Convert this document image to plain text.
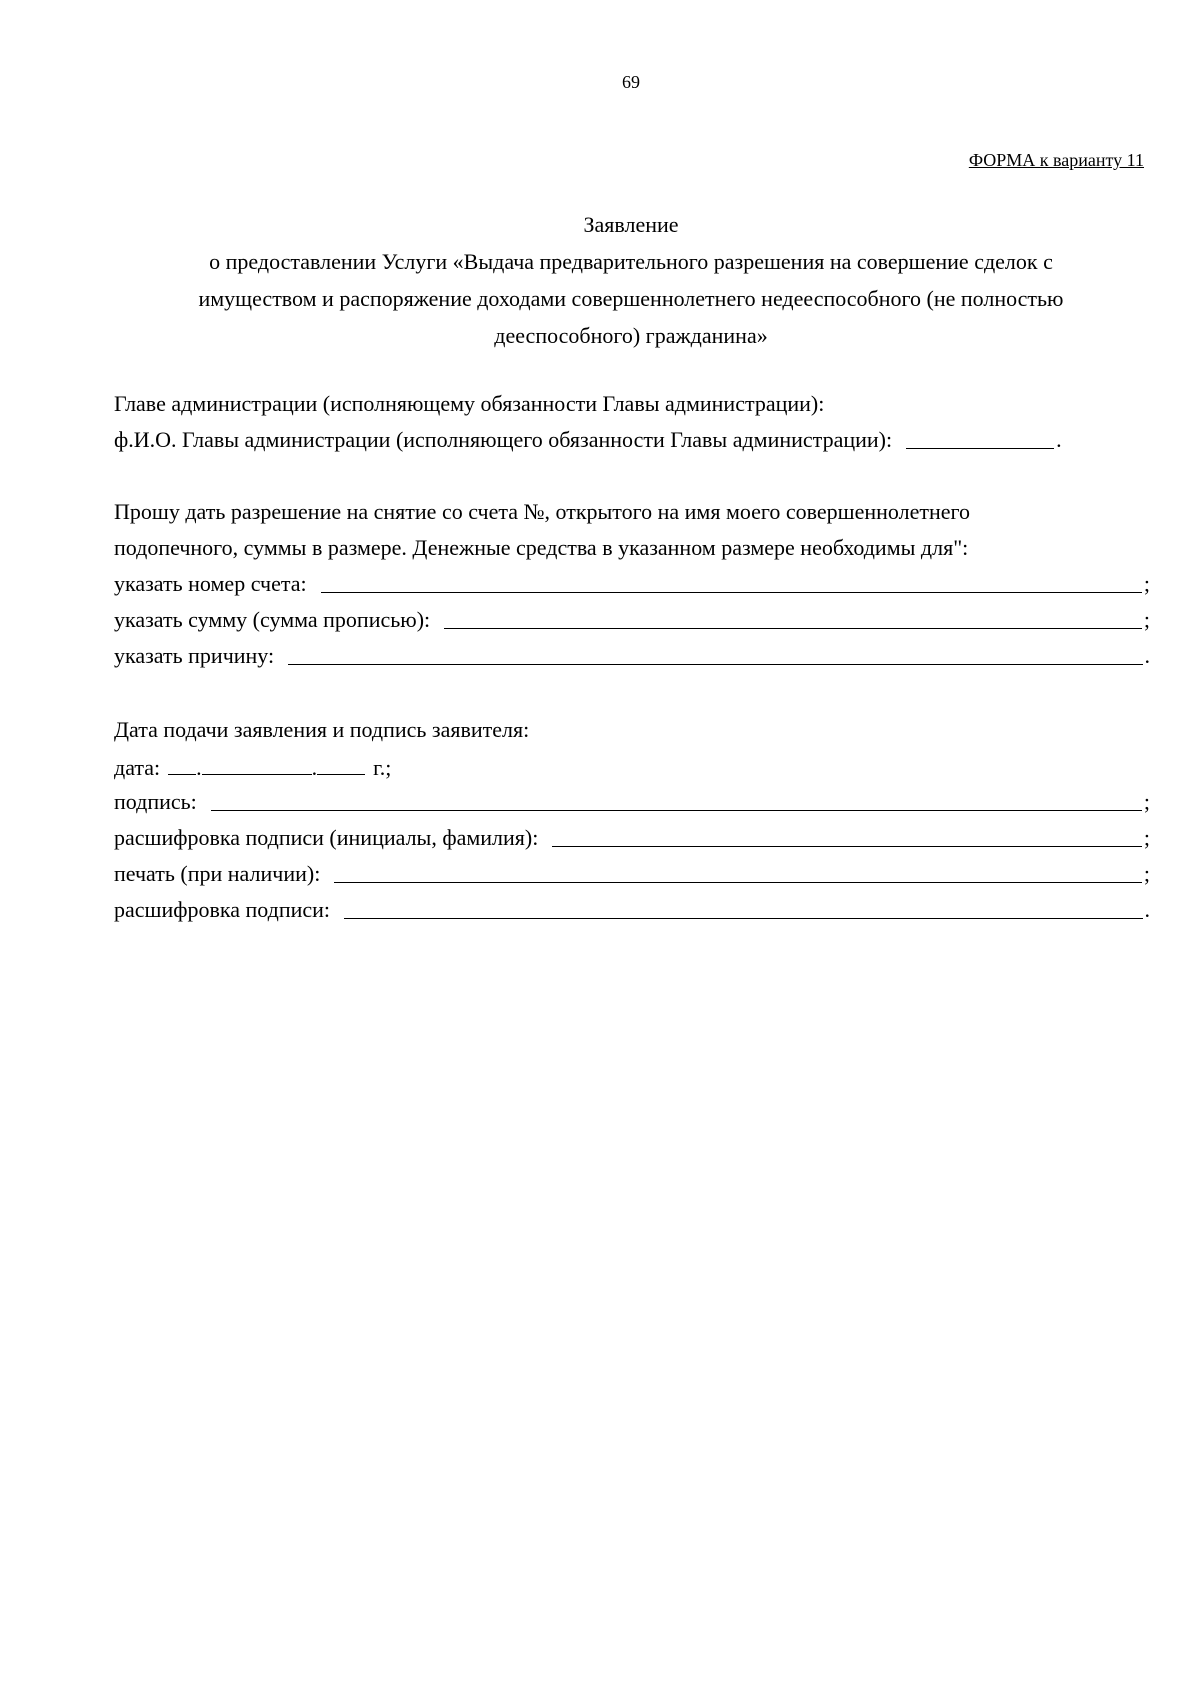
69
ФОРМА к варианту 11
Заявление
о предоставлении Услуги «Выдача предварительного разрешения на совершение сделок с
имуществом и распоряжение доходами совершеннолетнего недееспособного (не полностью
дееспособного) гражданина»
Главе администрации (исполняющему обязанности Главы администрации):
ф.И.О. Главы администрации (исполняющего обязанности Главы администрации):	.
Прошу дать разрешение на снятие со счета №, открытого на имя моего совершеннолетнего
подопечного, суммы в размере. Денежные средства в указанном размере необходимы для":
указать номер счета:	;
указать сумму (сумма прописью):	;
указать причину:	.
Дата подачи заявления и подпись заявителя:
дата: .	.	г.;
подпись:	;
расшифровка подписи (инициалы, фамилия):	;
печать (при наличии):	;
расшифровка подписи:	.
